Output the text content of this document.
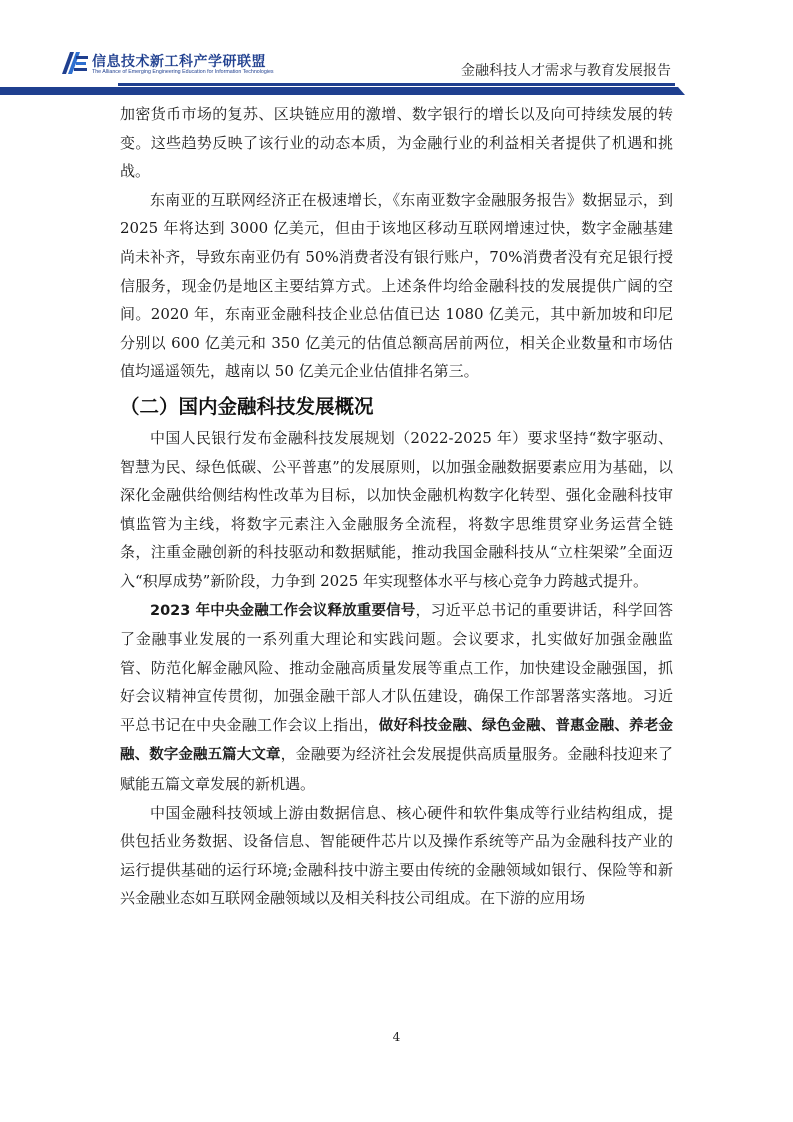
信息技术新工科产学研联盟
The Alliance of Emerging Engineering Education for Information Technologies	金融科技人才需求与教育发展报告

加密货币市场的复苏、区块链应用的激增、数字银行的增长以及向可持续发展的转变。这些趋势反映了该行业的动态本质，为金融行业的利益相关者提供了机遇和挑战。

东南亚的互联网经济正在极速增长，《东南亚数字金融服务报告》数据显示，到 2025 年将达到 3000 亿美元，但由于该地区移动互联网增速过快，数字金融基建尚未补齐，导致东南亚仍有 50%消费者没有银行账户，70%消费者没有充足银行授信服务，现金仍是地区主要结算方式。上述条件均给金融科技的发展提供广阔的空间。2020 年，东南亚金融科技企业总估值已达 1080 亿美元，其中新加坡和印尼分别以 600 亿美元和 350 亿美元的估值总额高居前两位，相关企业数量和市场估值均遥遥领先，越南以 50 亿美元企业估值排名第三。

（二）国内金融科技发展概况

中国人民银行发布金融科技发展规划（2022-2025 年）要求坚持“数字驱动、智慧为民、绿色低碳、公平普惠”的发展原则，以加强金融数据要素应用为基础，以深化金融供给侧结构性改革为目标，以加快金融机构数字化转型、强化金融科技审慎监管为主线，将数字元素注入金融服务全流程，将数字思维贯穿业务运营全链条，注重金融创新的科技驱动和数据赋能，推动我国金融科技从“立柱架梁”全面迈入“积厚成势”新阶段，力争到 2025 年实现整体水平与核心竞争力跨越式提升。

2023 年中央金融工作会议释放重要信号，习近平总书记的重要讲话，科学回答了金融事业发展的一系列重大理论和实践问题。会议要求，扎实做好加强金融监管、防范化解金融风险、推动金融高质量发展等重点工作，加快建设金融强国，抓好会议精神宣传贯彻，加强金融干部人才队伍建设，确保工作部署落实落地。习近平总书记在中央金融工作会议上指出，做好科技金融、绿色金融、普惠金融、养老金融、数字金融五篇大文章，金融要为经济社会发展提供高质量服务。金融科技迎来了赋能五篇文章发展的新机遇。

中国金融科技领域上游由数据信息、核心硬件和软件集成等行业结构组成，提供包括业务数据、设备信息、智能硬件芯片以及操作系统等产品为金融科技产业的运行提供基础的运行环境;金融科技中游主要由传统的金融领域如银行、保险等和新兴金融业态如互联网金融领域以及相关科技公司组成。在下游的应用场

4
